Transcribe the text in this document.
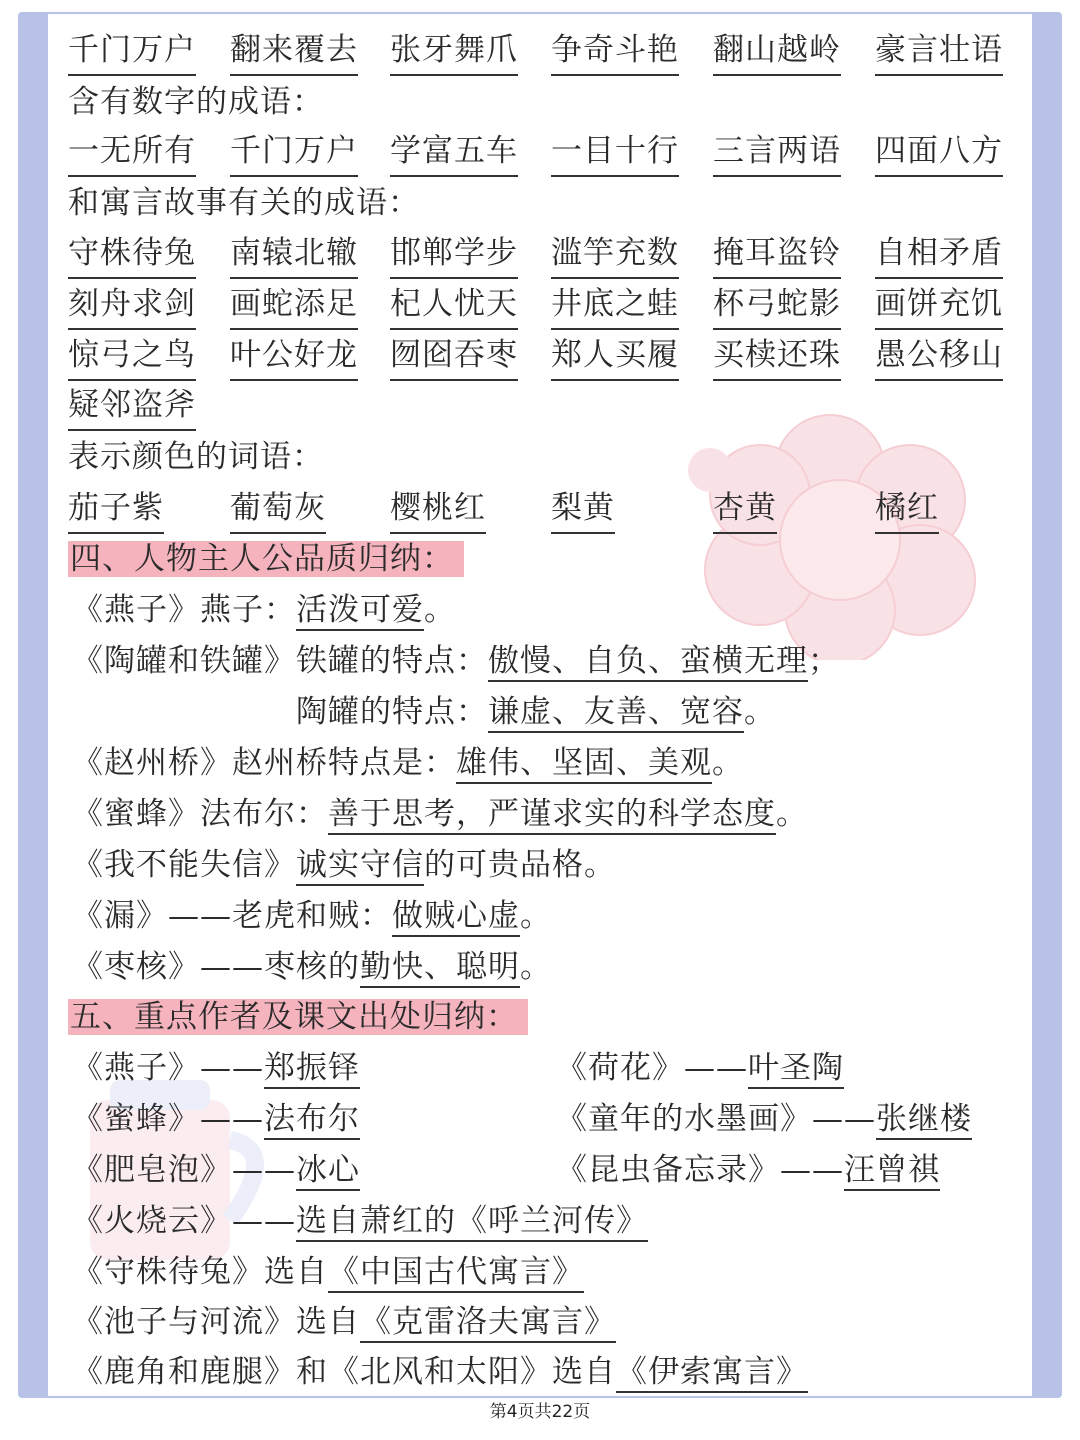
千门万户 翻来覆去 张牙舞爪 争奇斗艳 翻山越岭 豪言壮语
含有数字的成语：
一无所有 千门万户 学富五车 一目十行 三言两语 四面八方
和寓言故事有关的成语：
守株待兔 南辕北辙 邯郸学步 滥竽充数 掩耳盗铃 自相矛盾
刻舟求剑 画蛇添足 杞人忧天 井底之蛙 杯弓蛇影 画饼充饥
惊弓之鸟 叶公好龙 囫囵吞枣 郑人买履 买椟还珠 愚公移山
疑邻盗斧
表示颜色的词语：
茄子紫 葡萄灰 樱桃红 梨黄	杏黄	橘红
四、人物主人公品质归纳：
《燕子》燕子：活泼可爱。
《陶罐和铁罐》铁罐的特点：傲慢、自负、蛮横无理；
陶罐的特点：谦虚、友善、宽容。
《赵州桥》赵州桥特点是：雄伟、坚固、美观。
《蜜蜂》法布尔：善于思考，严谨求实的科学态度。
《我不能失信》诚实守信的可贵品格。
《漏》——老虎和贼：做贼心虚。
《枣核》——枣核的勤快、聪明。
五、重点作者及课文出处归纳：
《燕子》——郑振铎	《荷花》——叶圣陶
《蜜蜂》——法布尔	《童年的水墨画》——张继楼
《肥皂泡》——冰心	《昆虫备忘录》——汪曾祺
《火烧云》——选自萧红的《呼兰河传》
《守株待兔》选自《中国古代寓言》
《池子与河流》选自《克雷洛夫寓言》
《鹿角和鹿腿》和《北风和太阳》选自《伊索寓言》
第4页共22页
